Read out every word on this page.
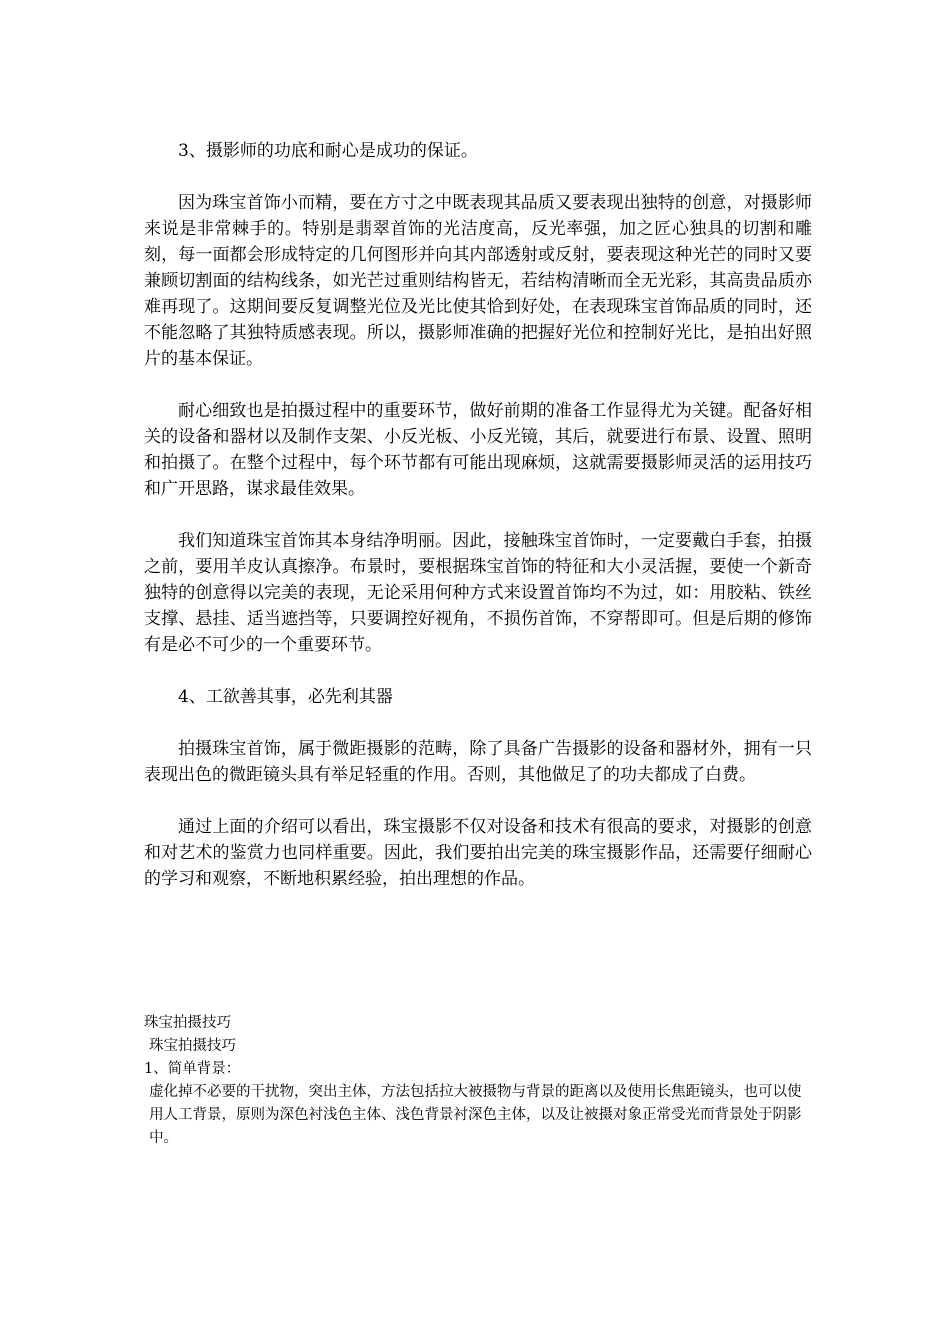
3、摄影师的功底和耐心是成功的保证。

因为珠宝首饰小而精，要在方寸之中既表现其品质又要表现出独特的创意，对摄影师来说是非常棘手的。特别是翡翠首饰的光洁度高，反光率强，加之匠心独具的切割和雕刻，每一面都会形成特定的几何图形并向其内部透射或反射，要表现这种光芒的同时又要兼顾切割面的结构线条，如光芒过重则结构皆无，若结构清晰而全无光彩，其高贵品质亦难再现了。这期间要反复调整光位及光比使其恰到好处，在表现珠宝首饰品质的同时，还不能忽略了其独特质感表现。所以，摄影师准确的把握好光位和控制好光比，是拍出好照片的基本保证。

耐心细致也是拍摄过程中的重要环节，做好前期的准备工作显得尤为关键。配备好相关的设备和器材以及制作支架、小反光板、小反光镜，其后，就要进行布景、设置、照明和拍摄了。在整个过程中，每个环节都有可能出现麻烦，这就需要摄影师灵活的运用技巧和广开思路，谋求最佳效果。

我们知道珠宝首饰其本身结净明丽。因此，接触珠宝首饰时，一定要戴白手套，拍摄之前，要用羊皮认真擦净。布景时，要根据珠宝首饰的特征和大小灵活握，要使一个新奇独特的创意得以完美的表现，无论采用何种方式来设置首饰均不为过，如：用胶粘、铁丝支撑、悬挂、适当遮挡等，只要调控好视角，不损伤首饰，不穿帮即可。但是后期的修饰有是必不可少的一个重要环节。

4、工欲善其事，必先利其器

拍摄珠宝首饰，属于微距摄影的范畴，除了具备广告摄影的设备和器材外，拥有一只表现出色的微距镜头具有举足轻重的作用。否则，其他做足了的功夫都成了白费。

通过上面的介绍可以看出，珠宝摄影不仅对设备和技术有很高的要求，对摄影的创意和对艺术的鉴赏力也同样重要。因此，我们要拍出完美的珠宝摄影作品，还需要仔细耐心的学习和观察，不断地积累经验，拍出理想的作品。

珠宝拍摄技巧
珠宝拍摄技巧
1、简单背景：
虚化掉不必要的干扰物，突出主体，方法包括拉大被摄物与背景的距离以及使用长焦距镜头，也可以使用人工背景，原则为深色衬浅色主体、浅色背景衬深色主体，以及让被摄对象正常受光而背景处于阴影中。
